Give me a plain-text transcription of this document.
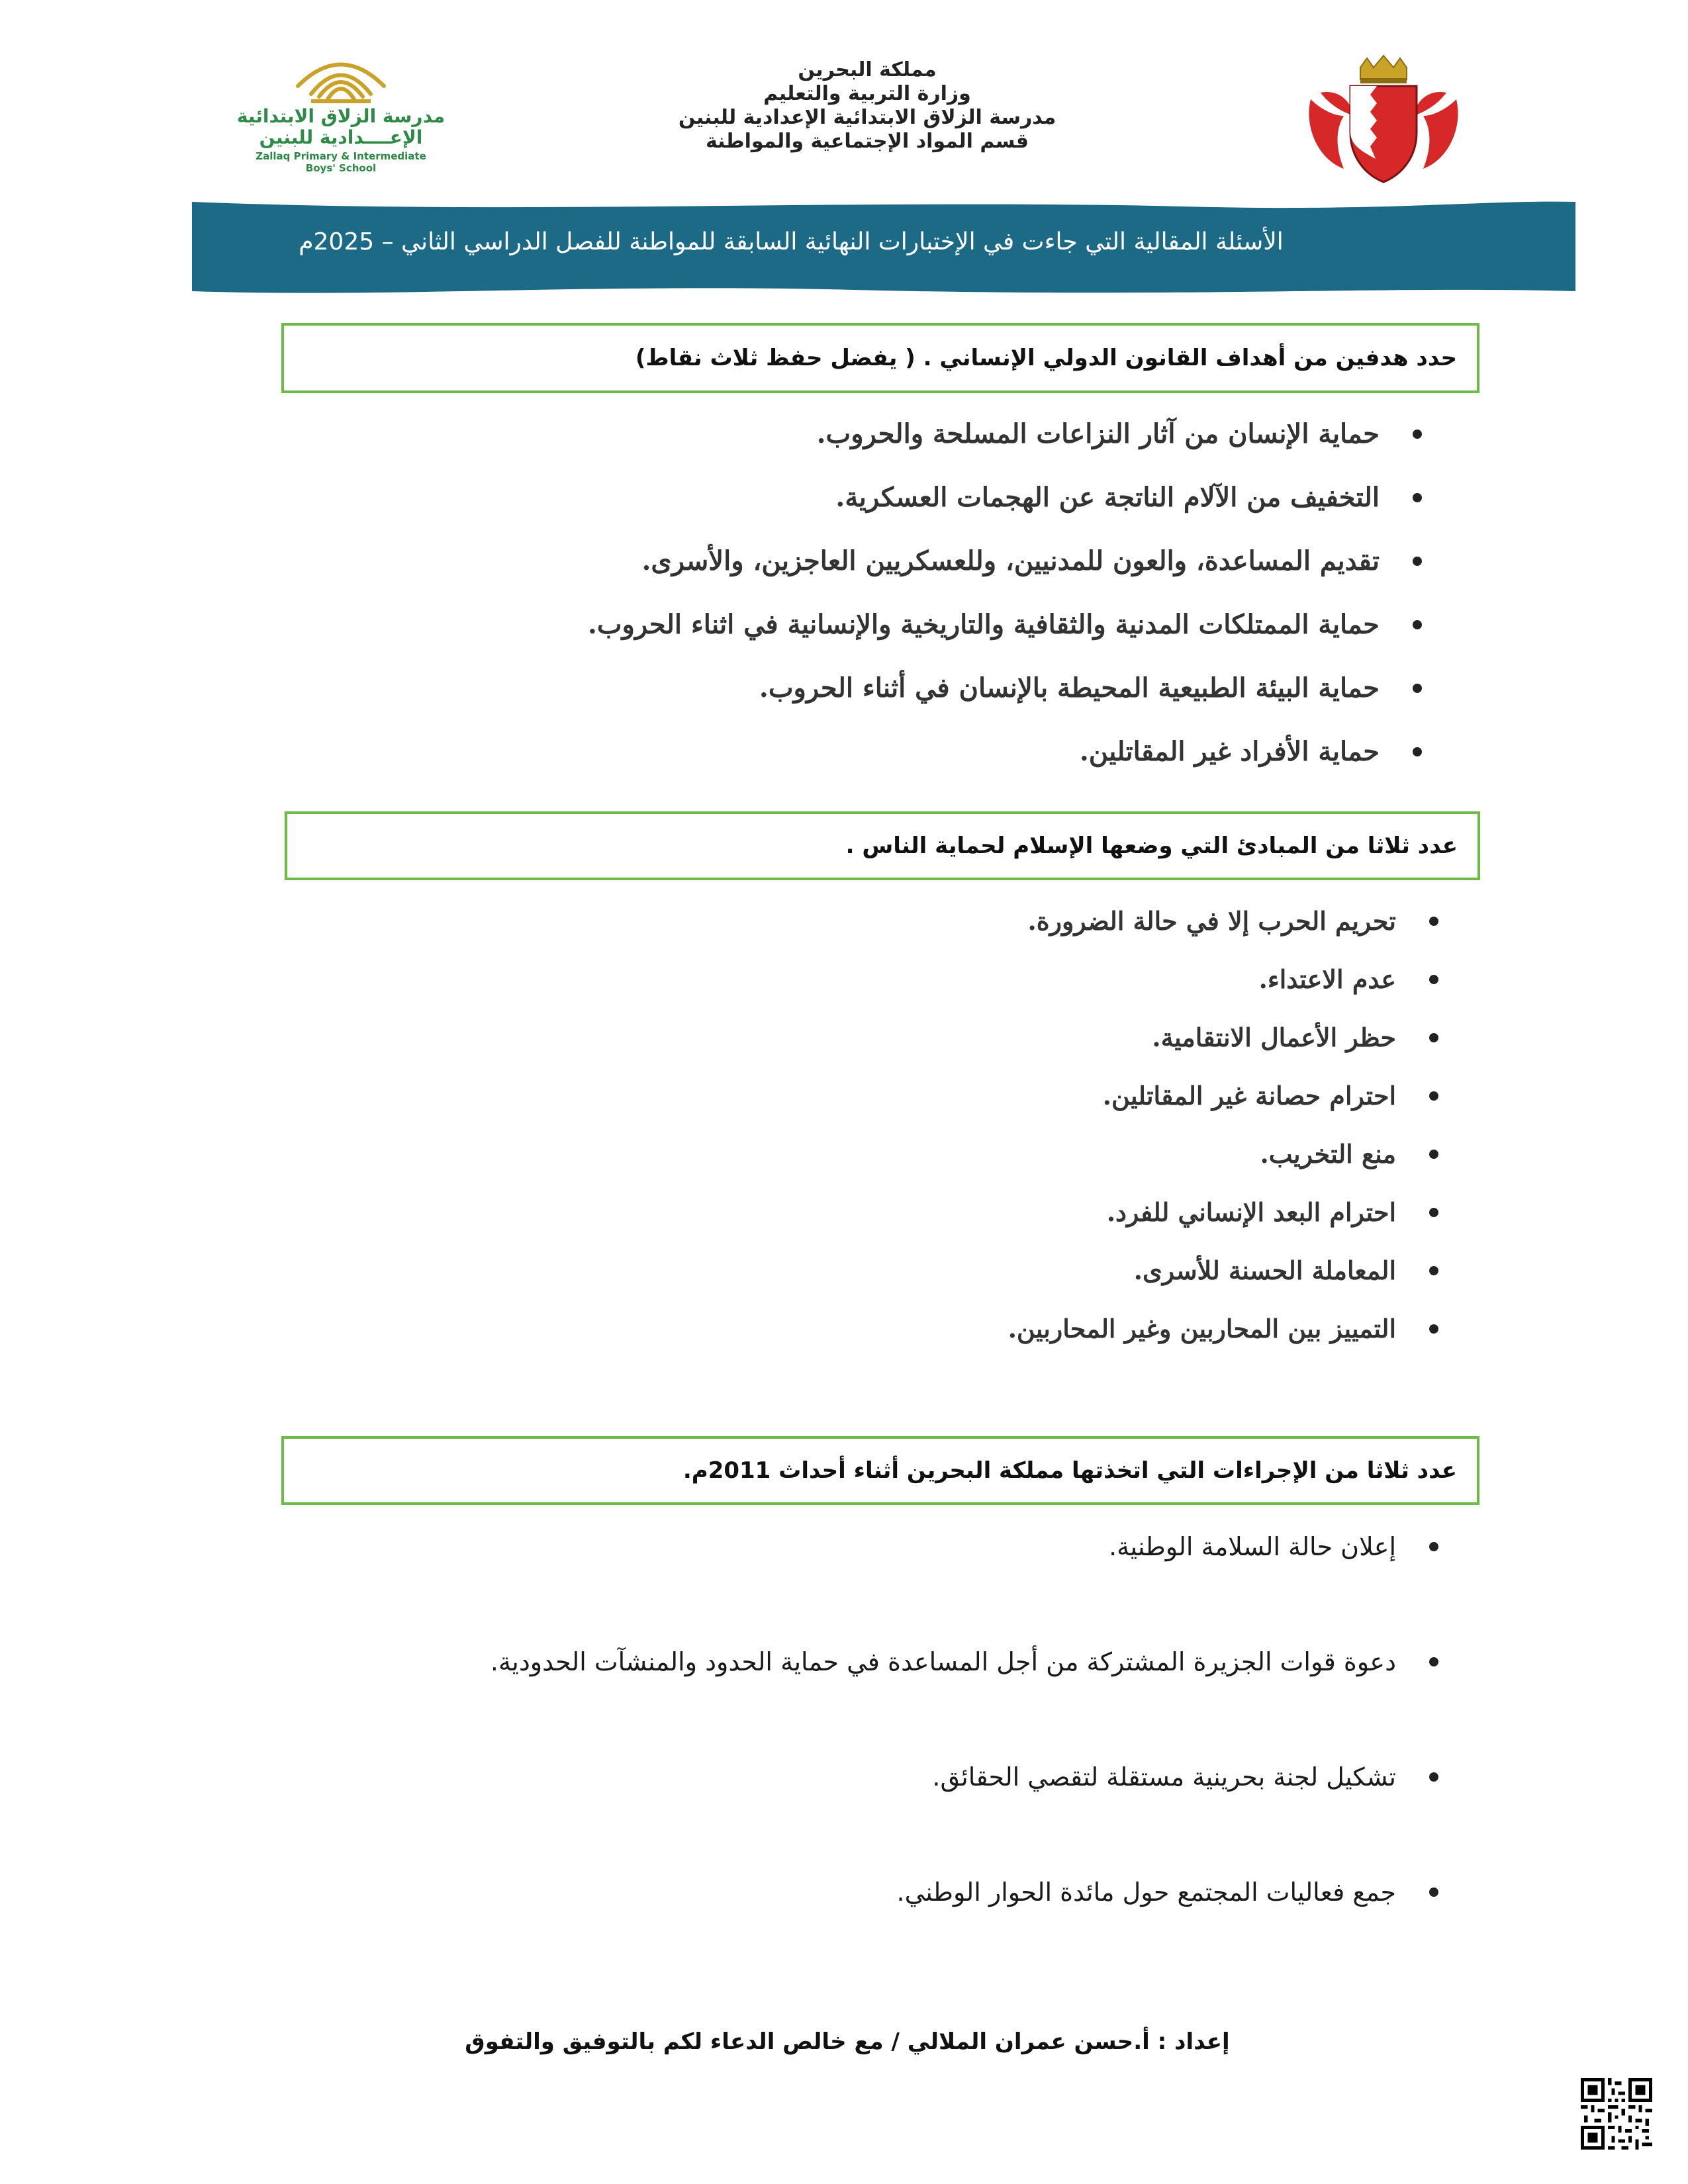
مملكة البحرين
وزارة التربية والتعليم
مدرسة الزلاق الابتدائية الإعدادية للبنين
قسم المواد الإجتماعية والمواطنة
مدرسة الزلاق الابتدائية
الإعــــدادية للبنين
Zallaq Primary & Intermediate
Boys' School
الأسئلة المقالية التي جاءت في الإختبارات النهائية السابقة للمواطنة للفصل الدراسي الثاني – 2025م
حدد هدفين من أهداف القانون الدولي الإنساني . ( يفضل حفظ ثلاث نقاط)
حماية الإنسان من آثار النزاعات المسلحة والحروب.
التخفيف من الآلام الناتجة عن الهجمات العسكرية.
تقديم المساعدة، والعون للمدنيين، وللعسكريين العاجزين، والأسرى.
حماية الممتلكات المدنية والثقافية والتاريخية والإنسانية في اثناء الحروب.
حماية البيئة الطبيعية المحيطة بالإنسان في أثناء الحروب.
حماية الأفراد غير المقاتلين.
عدد ثلاثا من المبادئ التي وضعها الإسلام لحماية الناس .
تحريم الحرب إلا في حالة الضرورة.
عدم الاعتداء.
حظر الأعمال الانتقامية.
احترام حصانة غير المقاتلين.
منع التخريب.
احترام البعد الإنساني للفرد.
المعاملة الحسنة للأسرى.
التمييز بين المحاربين وغير المحاربين.
عدد ثلاثا من الإجراءات التي اتخذتها مملكة البحرين أثناء أحداث 2011م.
إعلان حالة السلامة الوطنية.
دعوة قوات الجزيرة المشتركة من أجل المساعدة في حماية الحدود والمنشآت الحدودية.
تشكيل لجنة بحرينية مستقلة لتقصي الحقائق.
جمع فعاليات المجتمع حول مائدة الحوار الوطني.
إعداد : أ.حسن عمران الملالي / مع خالص الدعاء لكم بالتوفيق والتفوق
